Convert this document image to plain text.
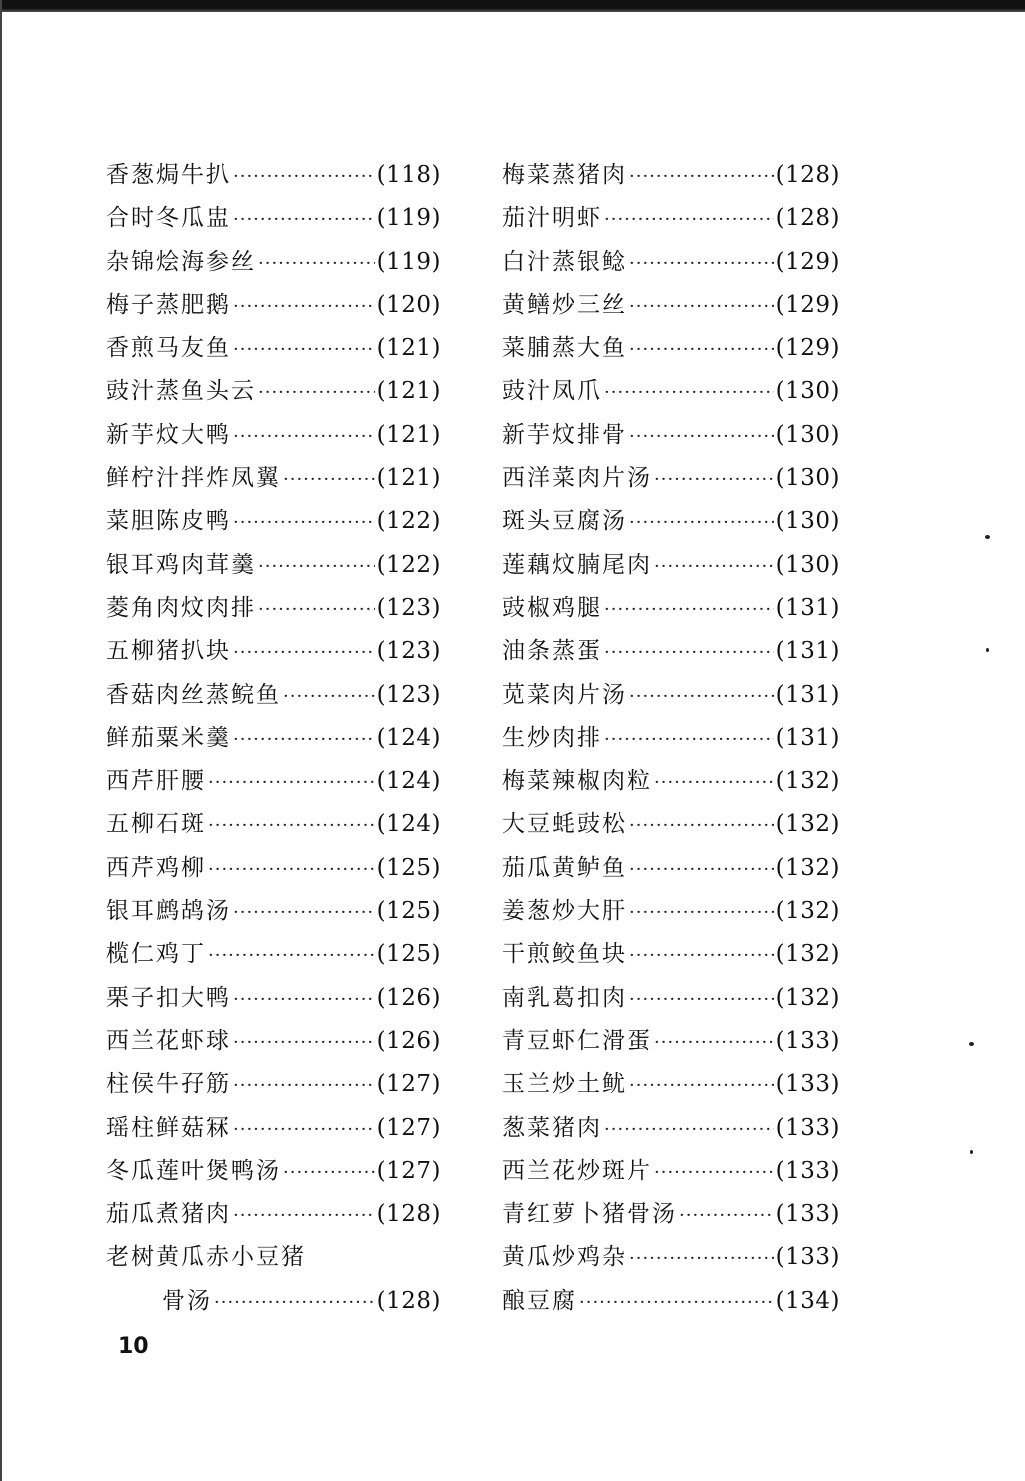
香葱焗牛扒 ·····	(118)
合时冬瓜盅 ·····	(119)
杂锦烩海参丝 ·····	(119)
梅子蒸肥鹅 ·····	(120)
香煎马友鱼 ·····	(121)
豉汁蒸鱼头云 ·····	(121)
新芋炆大鸭 ·····	(121)
鲜柠汁拌炸凤翼 ·····	(121)
菜胆陈皮鸭 ·····	(122)
银耳鸡肉茸羹 ·····	(122)
菱角肉炆肉排 ·····	(123)
五柳猪扒块 ·····	(123)
香菇肉丝蒸鲩鱼 ·····	(123)
鲜茄粟米羹 ·····	(124)
西芹肝腰 ·····	(124)
五柳石斑 ·····	(124)
西芹鸡柳 ·····	(125)
银耳鹧鸪汤 ·····	(125)
榄仁鸡丁 ·····	(125)
栗子扣大鸭 ·····	(126)
西兰花虾球 ·····	(126)
柱侯牛孖筋 ·····	(127)
瑶柱鲜菇冧 ·····	(127)
冬瓜莲叶煲鸭汤 ·····	(127)
茄瓜煮猪肉 ·····	(128)
老树黄瓜赤小豆猪
骨汤 ·····	(128)
梅菜蒸猪肉 ·····	(128)
茄汁明虾 ·····	(128)
白汁蒸银鲶 ·····	(129)
黄鳝炒三丝 ·····	(129)
菜脯蒸大鱼 ·····	(129)
豉汁凤爪 ·····	(130)
新芋炆排骨 ·····	(130)
西洋菜肉片汤 ·····	(130)
斑头豆腐汤 ·····	(130)
莲藕炆腩尾肉 ·····	(130)
豉椒鸡腿 ·····	(131)
油条蒸蛋 ·····	(131)
苋菜肉片汤 ·····	(131)
生炒肉排 ·····	(131)
梅菜辣椒肉粒 ·····	(132)
大豆蚝豉松 ·····	(132)
茄瓜黄鲈鱼 ·····	(132)
姜葱炒大肝 ·····	(132)
干煎鲛鱼块 ·····	(132)
南乳葛扣肉 ·····	(132)
青豆虾仁滑蛋 ·····	(133)
玉兰炒土鱿 ·····	(133)
葱菜猪肉 ·····	(133)
西兰花炒斑片 ·····	(133)
青红萝卜猪骨汤 ·····	(133)
黄瓜炒鸡杂 ·····	(133)
酿豆腐 ·····	(134)
10
